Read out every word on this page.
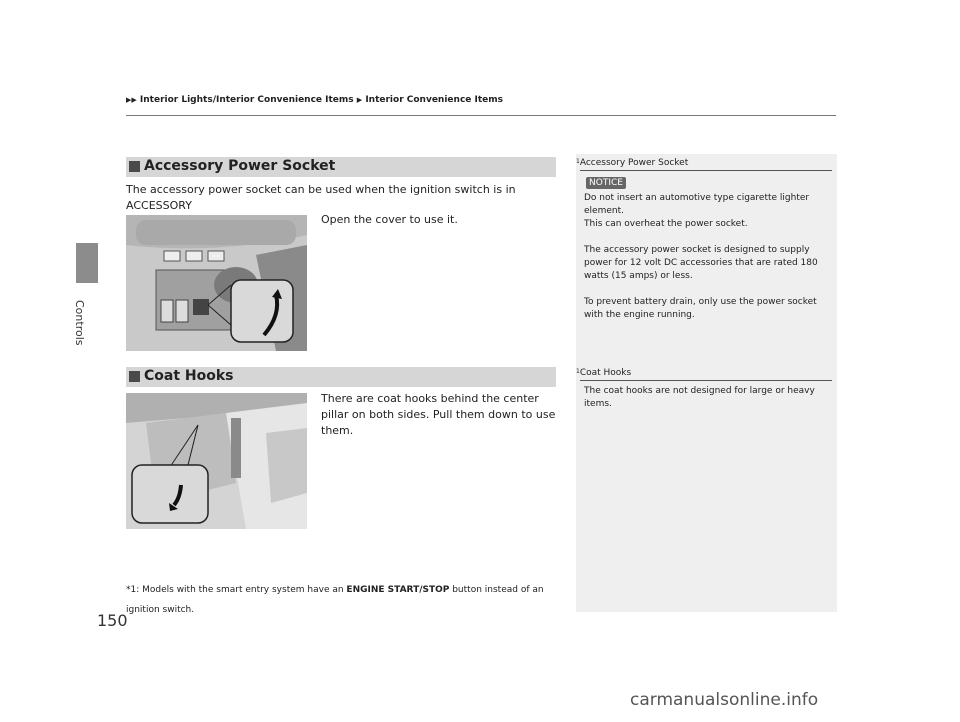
▶▶ Interior Lights/Interior Convenience Items ▶ Interior Convenience Items
Controls
150
Accessory Power Socket
The accessory power socket can be used when the ignition switch is in ACCESSORY

Open the cover to use it.
Coat Hooks
There are coat hooks behind the center pillar on both sides. Pull them down to use them.
*1: Models with the smart entry system have an ENGINE START/STOP button instead of an ignition switch.
$^1$Accessory Power Socket
NOTICE
Do not insert an automotive type cigarette lighter element.
This can overheat the power socket.
The accessory power socket is designed to supply power for 12 volt DC accessories that are rated 180 watts (15 amps) or less.
To prevent battery drain, only use the power socket with the engine running.
$^1$Coat Hooks
The coat hooks are not designed for large or heavy items.
carmanualsonline.info
